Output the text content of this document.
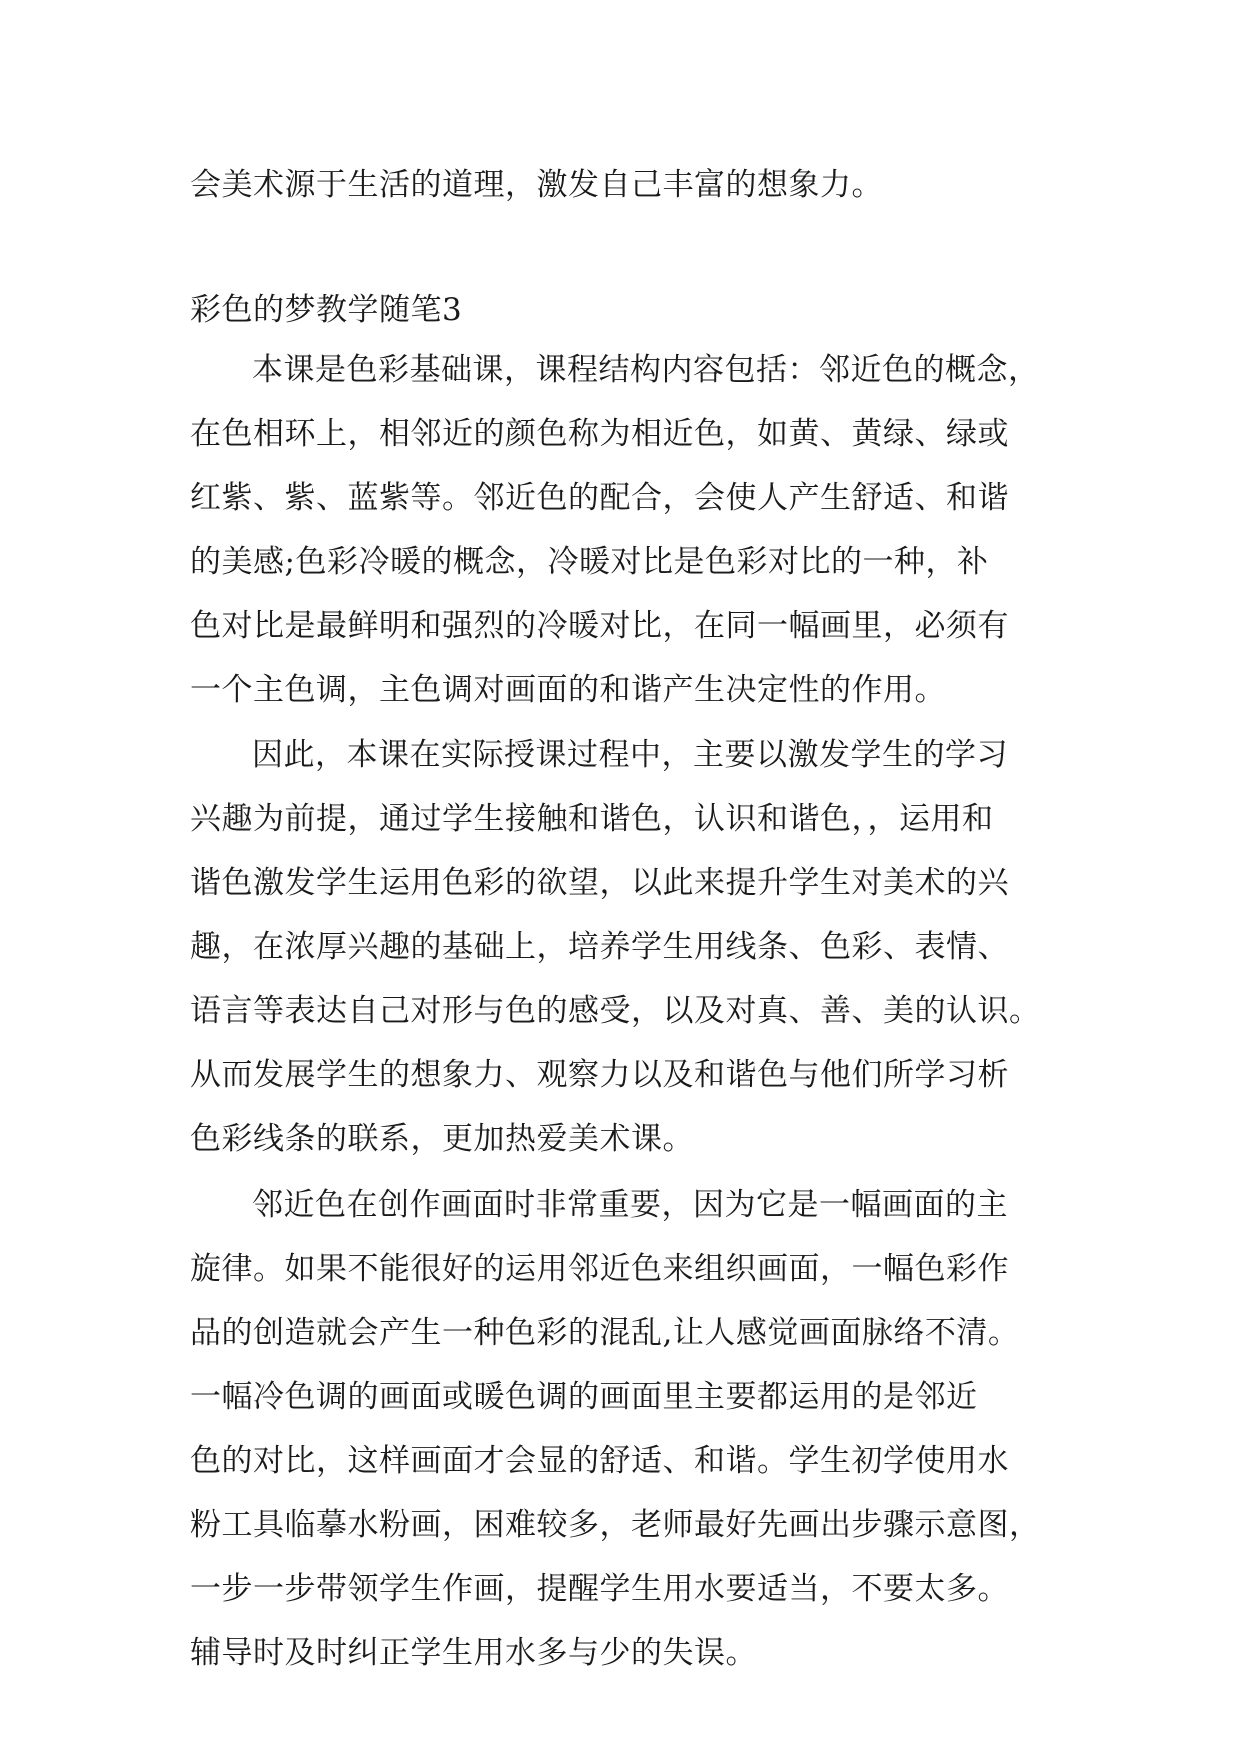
会美术源于生活的道理，激发自己丰富的想象力。
彩色的梦教学随笔3
本课是色彩基础课，课程结构内容包括：邻近色的概念，
在色相环上，相邻近的颜色称为相近色，如黄、黄绿、绿或
红紫、紫、蓝紫等。邻近色的配合，会使人产生舒适、和谐
的美感;色彩冷暖的概念，冷暖对比是色彩对比的一种，补
色对比是最鲜明和强烈的冷暖对比，在同一幅画里，必须有
一个主色调，主色调对画面的和谐产生决定性的作用。
因此，本课在实际授课过程中，主要以激发学生的学习
兴趣为前提，通过学生接触和谐色，认识和谐色，，运用和
谐色激发学生运用色彩的欲望，以此来提升学生对美术的兴
趣，在浓厚兴趣的基础上，培养学生用线条、色彩、表情、
语言等表达自己对形与色的感受，以及对真、善、美的认识。
从而发展学生的想象力、观察力以及和谐色与他们所学习析
色彩线条的联系，更加热爱美术课。
邻近色在创作画面时非常重要，因为它是一幅画面的主
旋律。如果不能很好的运用邻近色来组织画面，一幅色彩作
品的创造就会产生一种色彩的混乱,让人感觉画面脉络不清。
一幅冷色调的画面或暖色调的画面里主要都运用的是邻近
色的对比，这样画面才会显的舒适、和谐。学生初学使用水
粉工具临摹水粉画，困难较多，老师最好先画出步骤示意图，
一步一步带领学生作画，提醒学生用水要适当，不要太多。
辅导时及时纠正学生用水多与少的失误。
